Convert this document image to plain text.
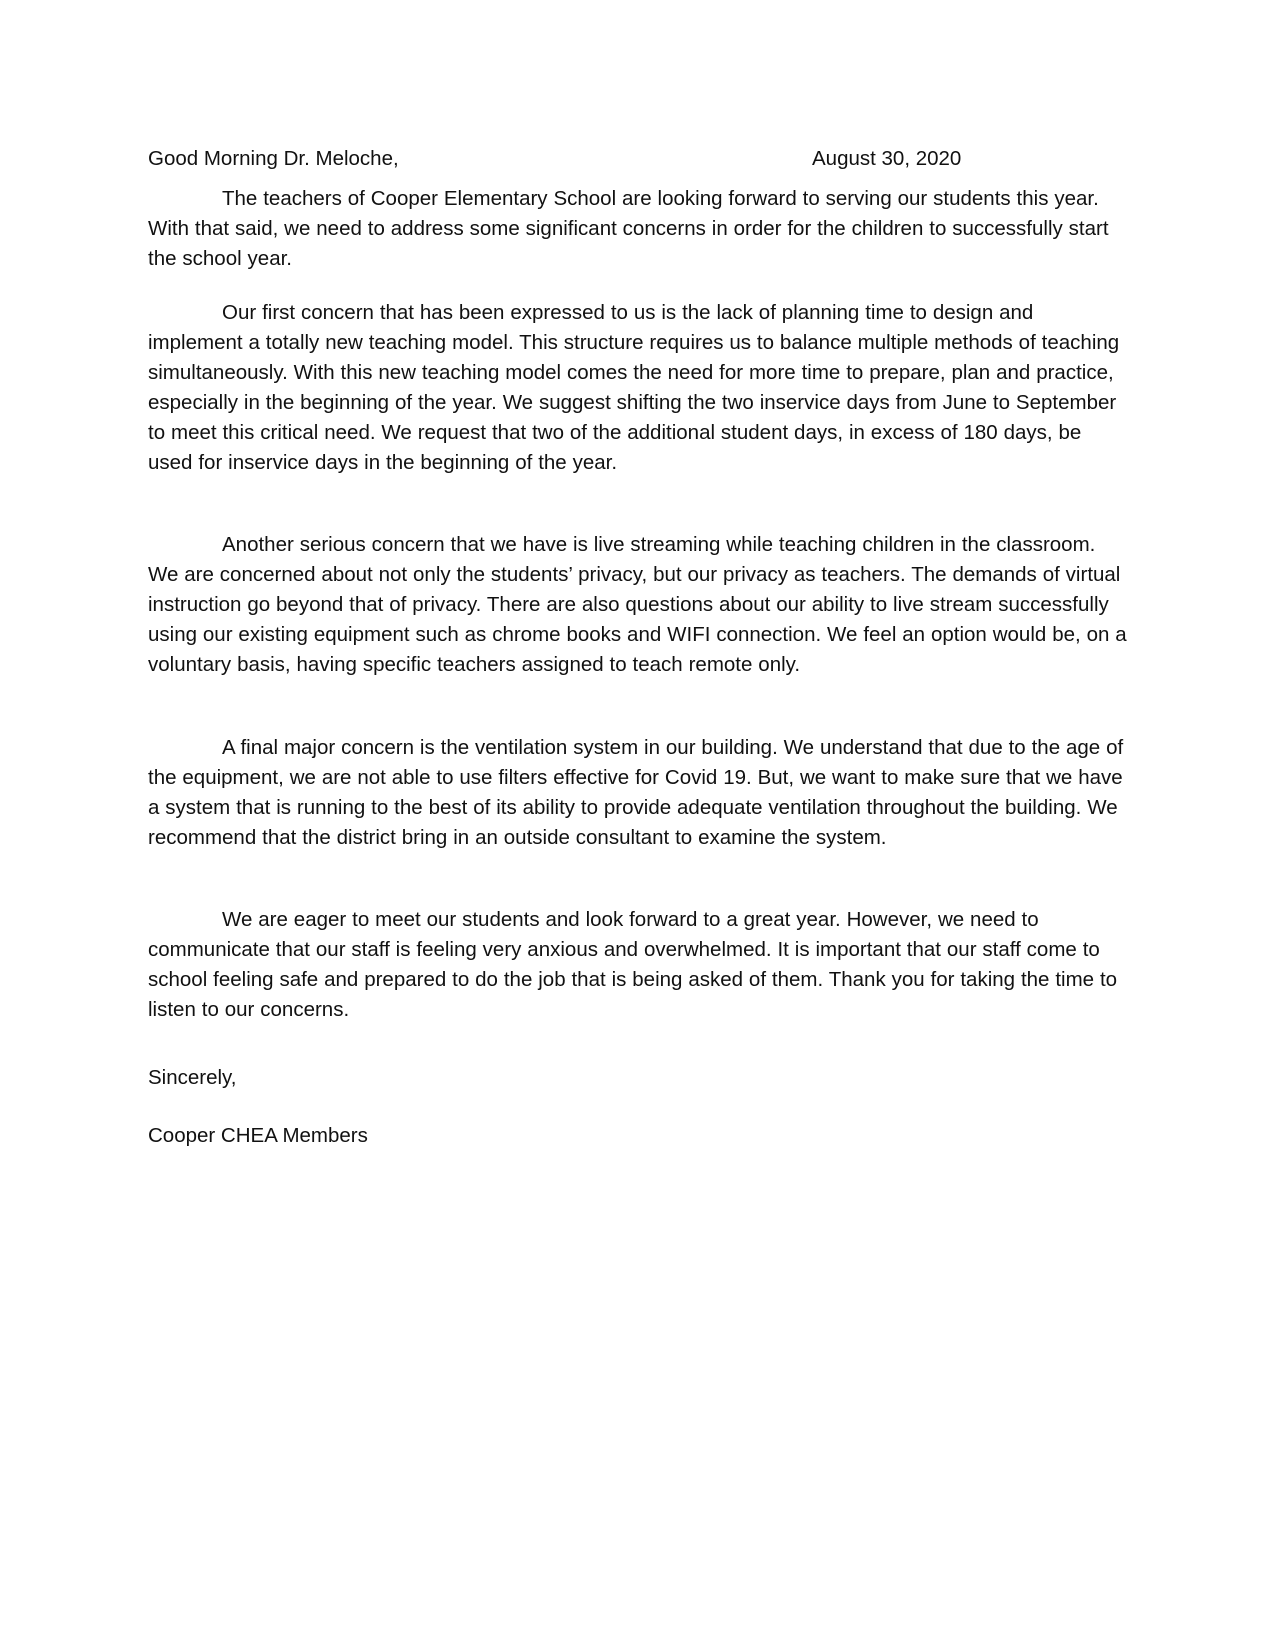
Good Morning Dr. Meloche,	August 30, 2020

The teachers of Cooper Elementary School are looking forward to serving our students this year. With that said, we need to address some significant concerns in order for the children to successfully start the school year.

Our first concern that has been expressed to us is the lack of planning time to design and implement a totally new teaching model. This structure requires us to balance multiple methods of teaching simultaneously. With this new teaching model comes the need for more time to prepare, plan and practice, especially in the beginning of the year. We suggest shifting the two inservice days from June to September to meet this critical need. We request that two of the additional student days, in excess of 180 days, be used for inservice days in the beginning of the year.

Another serious concern that we have is live streaming while teaching children in the classroom. We are concerned about not only the students’ privacy, but our privacy as teachers. The demands of virtual instruction go beyond that of privacy. There are also questions about our ability to live stream successfully using our existing equipment such as chrome books and WIFI connection. We feel an option would be, on a voluntary basis, having specific teachers assigned to teach remote only.

A final major concern is the ventilation system in our building. We understand that due to the age of the equipment, we are not able to use filters effective for Covid 19. But, we want to make sure that we have a system that is running to the best of its ability to provide adequate ventilation throughout the building. We recommend that the district bring in an outside consultant to examine the system.

We are eager to meet our students and look forward to a great year. However, we need to communicate that our staff is feeling very anxious and overwhelmed. It is important that our staff come to school feeling safe and prepared to do the job that is being asked of them. Thank you for taking the time to listen to our concerns.

Sincerely,
Cooper CHEA Members
